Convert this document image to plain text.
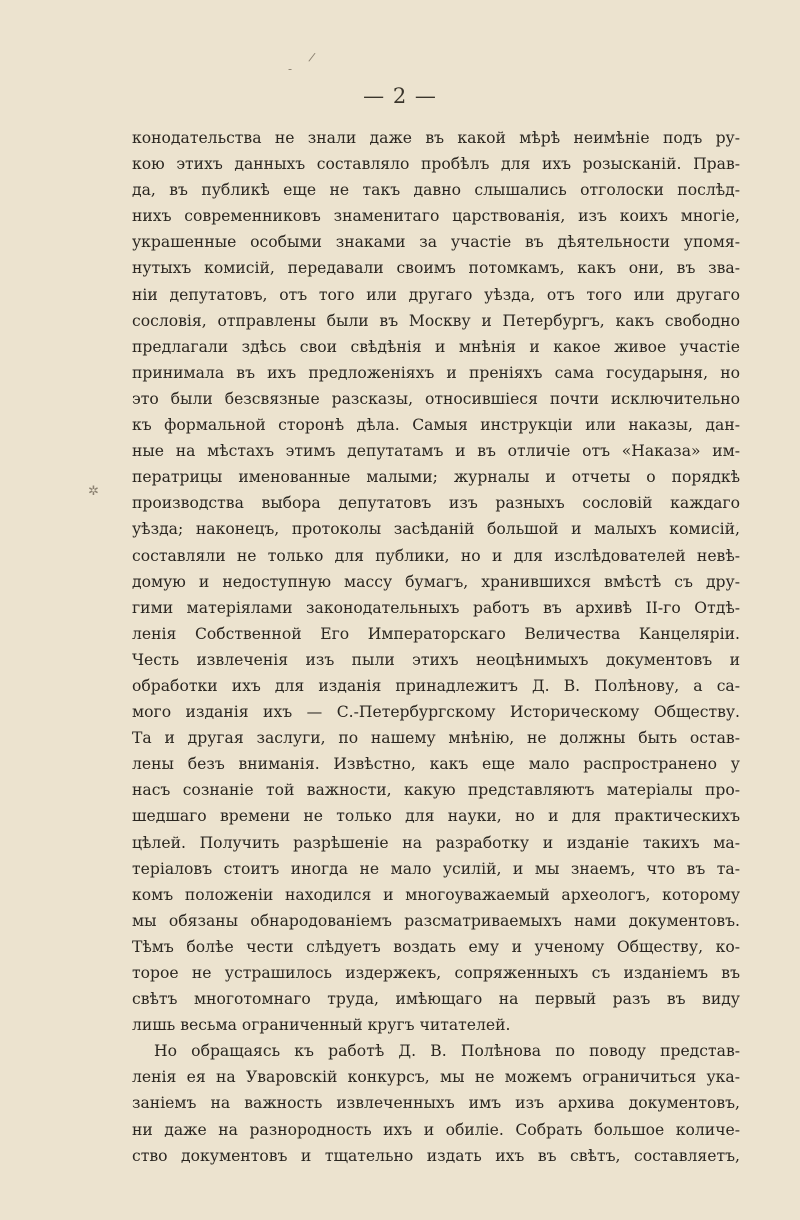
/
-
✲
— 2 —
конодательства не знали даже въ какой мѣрѣ неимѣніе подъ ру-
кою этихъ данныхъ составляло пробѣлъ для ихъ розысканій. Прав-
да, въ публикѣ еще не такъ давно слышались отголоски послѣд-
нихъ современниковъ знаменитаго царствованія, изъ коихъ многіе,
украшенные особыми знаками за участіе въ дѣятельности упомя-
нутыхъ комисій, передавали своимъ потомкамъ, какъ они, въ зва-
ніи депутатовъ, отъ того или другаго уѣзда, отъ того или другаго
сословія, отправлены были въ Москву и Петербургъ, какъ свободно
предлагали здѣсь свои свѣдѣнія и мнѣнія и какое живое участіе
принимала въ ихъ предложеніяхъ и преніяхъ сама государыня, но
это были безсвязные разсказы, относившіеся почти исключительно
къ формальной сторонѣ дѣла. Самыя инструкціи или наказы, дан-
ные на мѣстахъ этимъ депутатамъ и въ отличіе отъ «Наказа» им-
ператрицы именованные малыми; журналы и отчеты о порядкѣ
производства выбора депутатовъ изъ разныхъ сословій каждаго
уѣзда; наконецъ, протоколы засѣданій большой и малыхъ комисій,
составляли не только для публики, но и для изслѣдователей невѣ-
домую и недоступную массу бумагъ, хранившихся вмѣстѣ съ дру-
гими матеріялами законодательныхъ работъ въ архивѣ II-го Отдѣ-
ленія Собственной Его Императорскаго Величества Канцеляріи.
Честь извлеченія изъ пыли этихъ неоцѣнимыхъ документовъ и
обработки ихъ для изданія принадлежитъ Д. В. Полѣнову, а са-
мого изданія ихъ — С.-Петербургскому Историческому Обществу.
Та и другая заслуги, по нашему мнѣнію, не должны быть остав-
лены безъ вниманія. Извѣстно, какъ еще мало распространено у
насъ сознаніе той важности, какую представляютъ матеріалы про-
шедшаго времени не только для науки, но и для практическихъ
цѣлей. Получить разрѣшеніе на разработку и изданіе такихъ ма-
теріаловъ стоитъ иногда не мало усилій, и мы знаемъ, что въ та-
комъ положеніи находился и многоуважаемый археологъ, которому
мы обязаны обнародованіемъ разсматриваемыхъ нами документовъ.
Тѣмъ болѣе чести слѣдуетъ воздать ему и ученому Обществу, ко-
торое не устрашилось издержекъ, сопряженныхъ съ изданіемъ въ
свѣтъ многотомнаго труда, имѣющаго на первый разъ въ виду
лишь весьма ограниченный кругъ читателей.
Но обращаясь къ работѣ Д. В. Полѣнова по поводу представ-
ленія ея на Уваровскій конкурсъ, мы не можемъ ограничиться ука-
заніемъ на важность извлеченныхъ имъ изъ архива документовъ,
ни даже на разнородность ихъ и обиліе. Собрать большое количе-
ство документовъ и тщательно издать ихъ въ свѣтъ, составляетъ,
